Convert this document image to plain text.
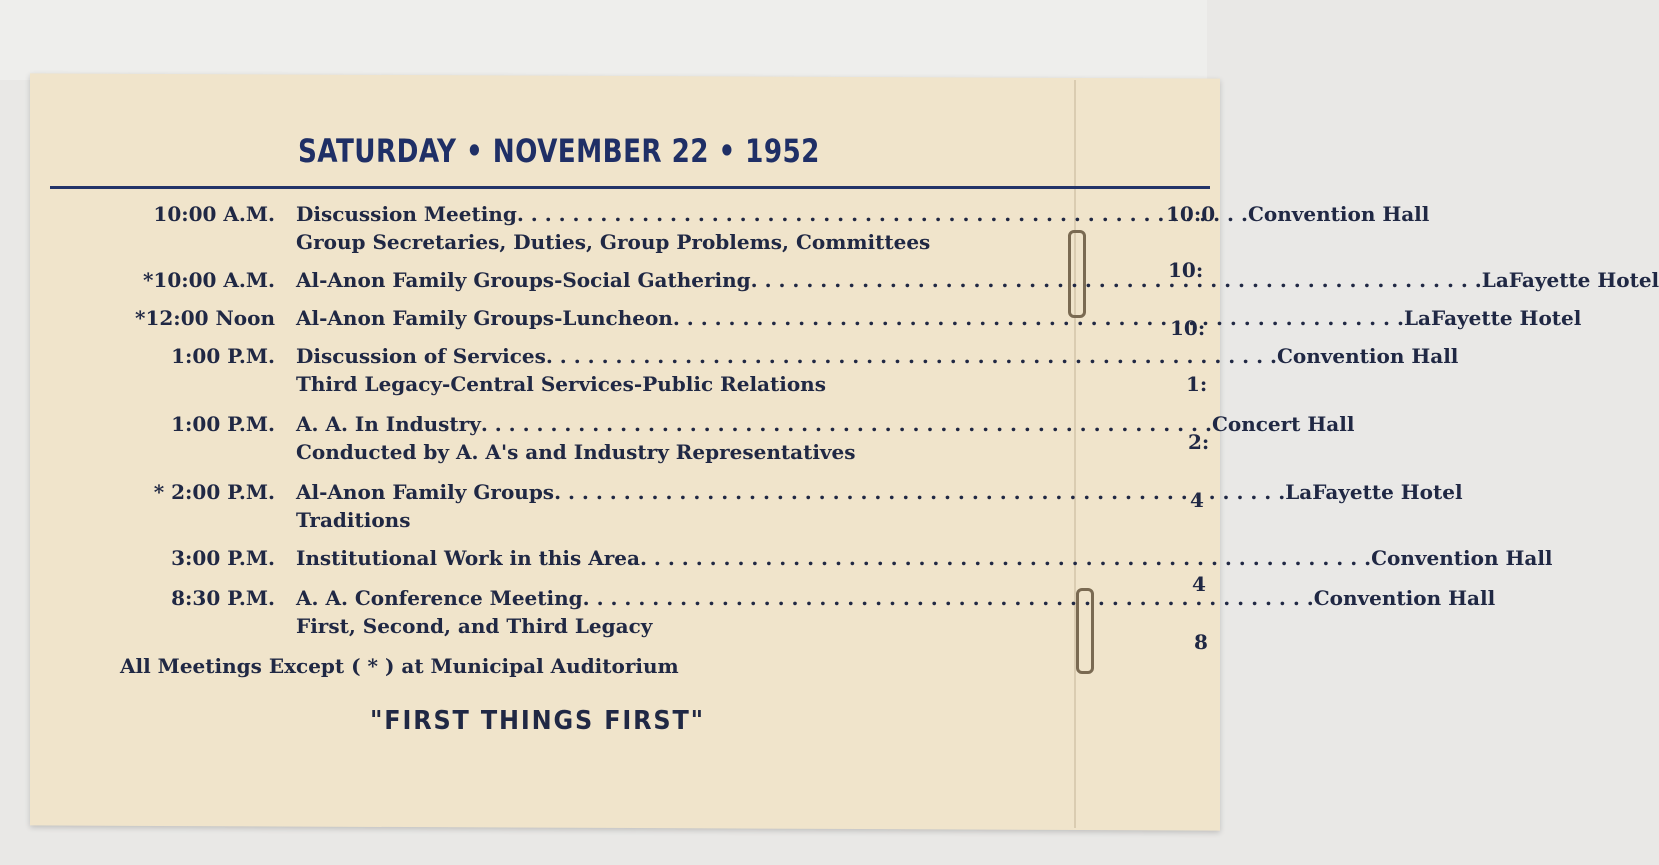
SATURDAY • NOVEMBER 22 • 1952
10:00 A.M. Discussion Meeting . . .	Convention Hall
Group Secretaries, Duties, Group Problems, Committees
*10:00 A.M. Al-Anon Family Groups-Social Gathering . . .	LaFayette Hotel
*12:00 Noon Al-Anon Family Groups-Luncheon . . .	LaFayette Hotel
1:00 P.M. Discussion of Services . . .	Convention Hall
Third Legacy-Central Services-Public Relations
1:00 P.M. A. A. In Industry . . .	Concert Hall
Conducted by A. A's and Industry Representatives
* 2:00 P.M. Al-Anon Family Groups . . .	LaFayette Hotel
Traditions
3:00 P.M. Institutional Work in this Area . . .	Convention Hall
8:30 P.M. A. A. Conference Meeting . . .	Convention Hall
First, Second, and Third Legacy
All Meetings Except ( * ) at Municipal Auditorium
"FIRST THINGS FIRST"
10:0
10:
10:
1:
2:
4
4
8
